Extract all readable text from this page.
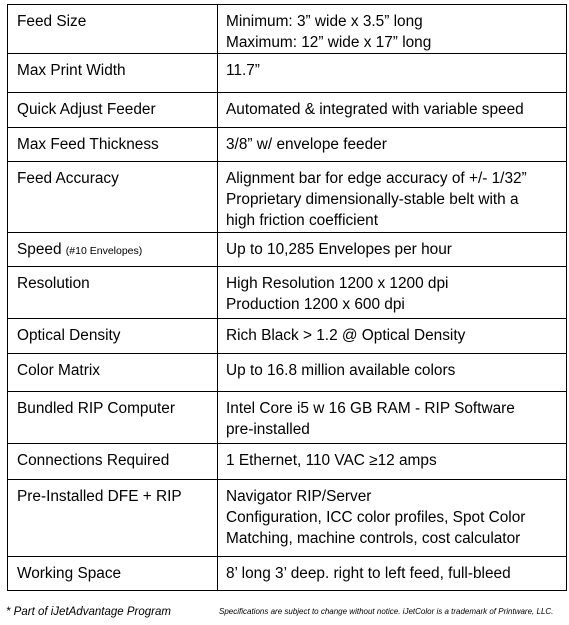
Feed Size	Minimum: 3” wide x 3.5” long
Maximum: 12” wide x 17” long

Max Print Width	11.7”

Quick Adjust Feeder	Automated & integrated with variable speed

Max Feed Thickness	3/8” w/ envelope feeder

Feed Accuracy	Alignment bar for edge accuracy of +/- 1/32”
Proprietary dimensionally-stable belt with a
high friction coefficient

Speed (#10 Envelopes)	Up to 10,285 Envelopes per hour

Resolution	High Resolution 1200 x 1200 dpi
Production 1200 x 600 dpi

Optical Density	Rich Black > 1.2 @ Optical Density

Color Matrix	Up to 16.8 million available colors

Bundled RIP Computer	Intel Core i5 w 16 GB RAM - RIP Software
pre-installed

Connections Required	1 Ethernet, 110 VAC ≥12 amps

Pre-Installed DFE + RIP	Navigator RIP/Server
Configuration, ICC color profiles, Spot Color
Matching, machine controls, cost calculator

Working Space	8’ long 3’ deep. right to left feed, full-bleed
* Part of iJetAdvantage Program	Specifications are subject to change without notice. iJetColor is a trademark of Printware, LLC.
